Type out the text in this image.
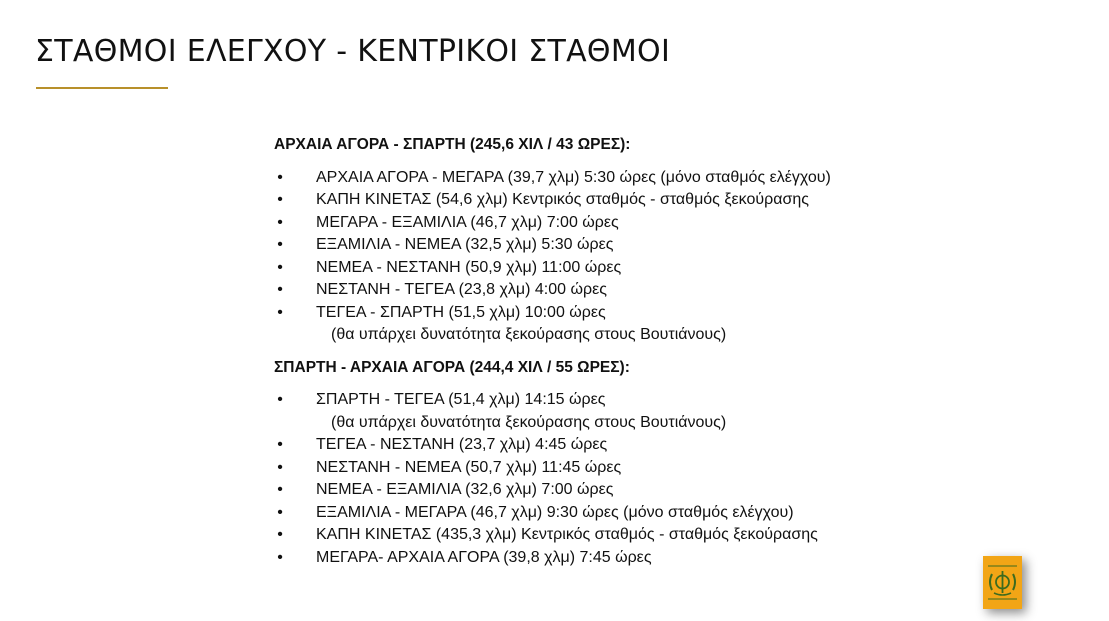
ΣΤΑΘΜΟΙ ΕΛΕΓΧΟΥ - ΚΕΝΤΡΙΚΟΙ ΣΤΑΘΜΟΙ
ΑΡΧΑΙΑ ΑΓΟΡΑ - ΣΠΑΡΤΗ (245,6 ΧΙΛ / 43 ΩΡΕΣ):
• ΑΡΧΑΙΑ ΑΓΟΡΑ - ΜΕΓΑΡΑ (39,7 χλμ) 5:30 ώρες (μόνο σταθμός ελέγχου)
• ΚΑΠΗ ΚΙΝΕΤΑΣ (54,6 χλμ) Κεντρικός σταθμός - σταθμός ξεκούρασης
• ΜΕΓΑΡΑ - ΕΞΑΜΙΛΙΑ (46,7 χλμ) 7:00 ώρες
• ΕΞΑΜΙΛΙΑ - ΝΕΜΕΑ (32,5 χλμ) 5:30 ώρες
• ΝΕΜΕΑ - ΝΕΣΤΑΝΗ (50,9 χλμ) 11:00 ώρες
• ΝΕΣΤΑΝΗ - ΤΕΓΕΑ (23,8 χλμ) 4:00 ώρες
• ΤΕΓΕΑ - ΣΠΑΡΤΗ (51,5 χλμ) 10:00 ώρες
(θα υπάρχει δυνατότητα ξεκούρασης στους Βουτιάνους)
ΣΠΑΡΤΗ - ΑΡΧΑΙΑ ΑΓΟΡΑ (244,4 ΧΙΛ / 55 ΩΡΕΣ):
• ΣΠΑΡΤΗ - ΤΕΓΕΑ (51,4 χλμ) 14:15 ώρες
(θα υπάρχει δυνατότητα ξεκούρασης στους Βουτιάνους)
• ΤΕΓΕΑ - ΝΕΣΤΑΝΗ (23,7 χλμ) 4:45 ώρες
• ΝΕΣΤΑΝΗ - ΝΕΜΕΑ (50,7 χλμ) 11:45 ώρες
• ΝΕΜΕΑ - ΕΞΑΜΙΛΙΑ (32,6 χλμ) 7:00 ώρες
• ΕΞΑΜΙΛΙΑ - ΜΕΓΑΡΑ (46,7 χλμ) 9:30 ώρες (μόνο σταθμός ελέγχου)
• ΚΑΠΗ ΚΙΝΕΤΑΣ (435,3 χλμ) Κεντρικός σταθμός - σταθμός ξεκούρασης
• ΜΕΓΑΡΑ- ΑΡΧΑΙΑ ΑΓΟΡΑ (39,8 χλμ) 7:45 ώρες
